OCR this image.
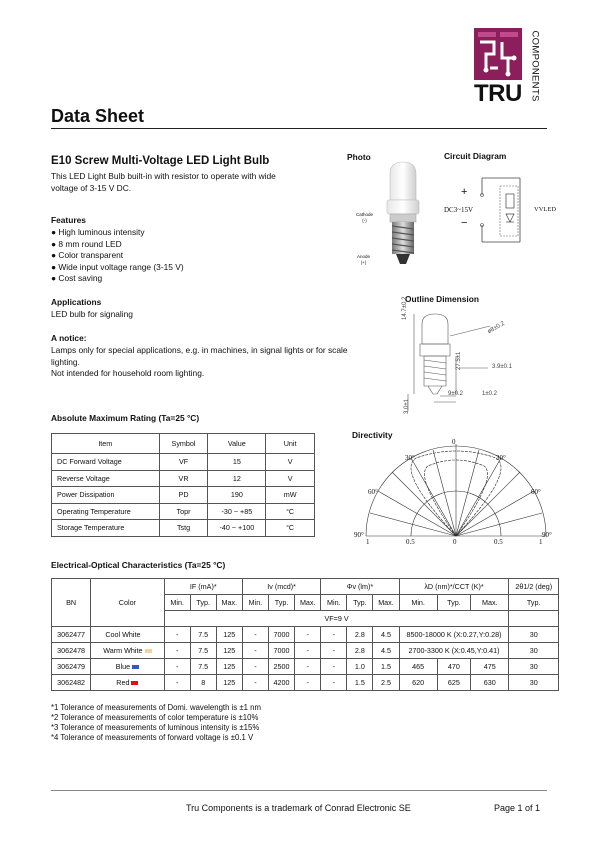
TRU COMPONENTS
Data Sheet
E10 Screw Multi-Voltage LED Light Bulb
This LED Light Bulb built-in with resistor to operate with wide voltage of 3-15 V DC.
Features
● High luminous intensity
● 8 mm round LED
● Color transparent
● Wide input voltage range (3-15 V)
● Cost saving
Applications
LED bulb for signaling
A notice:
Lamps only for special applications, e.g. in machines, in signal lights or for scale lighting.
Not intended for household room lighting.
Photo
Cathode
(-)
Anode
(+)
Circuit Diagram
+
DC3~15V
−
VVLED
Outline Dimension
14.7±0.2
ø8±0.2
27.5±1	3.9±0.1
9±0.2
3.0±1
1±0.2
Directivity
0
30°	30°
60°	60°
90°	90°
1	0.5	0	0.5	1
Absolute Maximum Rating (Ta=25 °C)
Item	Symbol	Value	Unit
DC Forward Voltage	VF	15	V
Reverse Voltage	VR	12	V
Power Dissipation	PD	190	mW
Operating Temperature	Topr	-30 ~ +85	°C
Storage Temperature	Tstg	-40 ~ +100	°C
Electrical-Optical Characteristics (Ta=25 °C)
BN	Color	IF (mA)*			Iv (mcd)*			Φv (lm)*			λD (nm)*/CCT (K)*			2θ1/2 (deg)
		Min.	Typ.	Max.	Min.	Typ.	Max.	Min.	Typ.	Max.	Min.	Typ.	Max.	Typ.
		VF=9 V												
3062477	Cool White	-	7.5	125	-	7000	-	-	2.8	4.5	8500-18000 K (X:0.27,Y:0.28)			30
3062478	Warm White	-	7.5	125	-	7000	-	-	2.8	4.5	2700-3300 K (X:0.45,Y:0.41)			30
3062479	Blue	-	7.5	125	-	2500	-	-	1.0	1.5	465	470	475	30
3062482	Red	-	8	125	-	4200	-	-	1.5	2.5	620	625	630	30
*1 Tolerance of measurements of Domi. wavelength is ±1 nm
*2 Tolerance of measurements of color temperature is ±10%
*3 Tolerance of measurements of luminous intensity is ±15%
*4 Tolerance of measurements of forward voltage is ±0.1 V
Tru Components is a trademark of Conrad Electronic SE	Page 1 of 1
